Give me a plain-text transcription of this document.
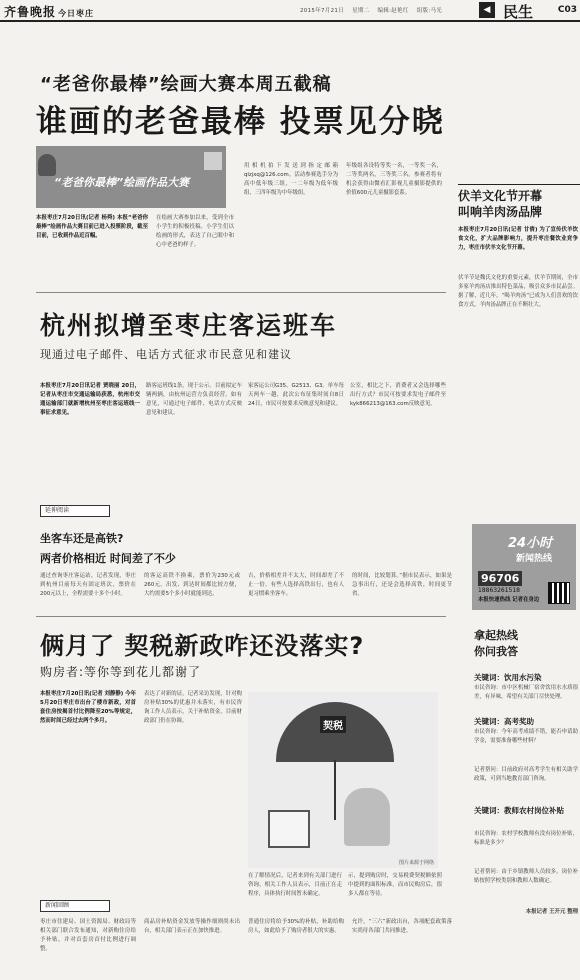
齐鲁晚报 今日枣庄	2015年7月21日 星期二 编辑:赵艳红 组版:马光	◀ 民生	C03
“老爸你最棒”绘画大赛本周五截稿
谁画的老爸最棒 投票见分晓
“老爸你最棒”绘画作品大赛
本报枣庄7月20日讯(记者 杨舜) 本报“老爸你最棒”绘画作品大赛目前已进入投票阶段，截至目前，已收到作品近百幅。
在绘画大赛参加以来，受到全市小学生的积极投稿。小学生们以绘画的形式，表达了自己眼中和心中老爸的样子。
用相机拍下发送到指定邮箱qlzjxq@126.com。活动参赛选手分为高中低年级三组，一二年级为低年级组，三四年级为中年级组。
年级组各设特等奖一名，一等奖一名，二等奖两名，三等奖三名。参赛者将有机会获得由微看汇影视儿童摄影提供的价值600元儿童摄影套系。	伏羊文化节开幕
叫响羊肉汤品牌
本报枣庄7月20日讯(记者 甘倩) 为了宣传伏羊饮食文化，扩大品牌影响力，提升枣庄餐饮业竞争力，枣庄市伏羊文化节开幕。
伏羊节是魏氏文化的重要元素，伏羊节期间，全市多家羊肉汤店推出特色菜品，吸引众多市民品尝。据了解，近几年，“喝羊肉汤”已成为人们喜欢的饮食方式，羊肉汤品牌正在不断壮大。
杭州拟增至枣庄客运班车
现通过电子邮件、电话方式征求市民意见和建议
本报枣庄7月20日讯记者 贾晓丽 20日，记者从枣庄市交通运输局获悉，杭州市交通运输部门就新增杭州至枣庄客运班线一事征求意见。
路客运班线1条，现于公示。目前拟定车辆两辆，由杭州运营方负责经营。如有意见，可通过电子邮件、电话方式反映意见和建议。
家客运公司G35、G2513、G3。单车每天两车一趟，此次公布征集时间自8日24日，市民可按要求反映意见和建议。
公室，相比之下，消费者又会选择哪些出行方式？市民可按要求发电子邮件至kyk866213@163.com反映意见。
延伸阅读
坐客车还是高铁?
两者价格相近 时间差了不少
通过查询枣庄客运站，记者发现，枣庄到杭州目前每天有固定班次，票价在200元以上，全程需要十多个小时。
的客运高铁不换乘，票价为230元或260元。出发、到达时间都比较方便，大约需要5个多小时就能到达。
吉，价格相差并不太大，时间却差了不止一倍。有些人选择高铁出行，也有人更习惯乘坐客车。
的时间，比较划算。”据市民表示，如果是急事出行，还是会选择高铁，时间更节省。
24小时
新闻热线
96706
18863261518
本报快速热线 记者在身边
俩月了 契税新政咋还没落实?
购房者:等你等到花儿都谢了
本报枣庄7月20日讯(记者 刘静静) 今年5月20日枣庄市出台了楼市新政，对首套住房按揭首付比例降至20%等规定，然而时间已经过去两个多月。
表达了对新的证，记者采访发现，针对购房补贴30%的优惠并未落实，有市民咨询工作人员表示，关于补贴资金，目前财政部门仍在协调。	契税
图片来源于网络
在了解情况后，记者来到有关部门进行咨询，相关工作人员表示，目前正在走程序，具体执行时间暂未确定。
示，提到购房时，交易税费契税额依照中提到的面积标准，而市民购房后，很多人都在等待。
拿起热线
你问我答
关键词：饮用水污染
市民咨询：市中区机械厂宿舍饮用水水质很差，有异味，希望有关部门尽快处理。
关键词：高考奖助
市民咨询：今年高考成绩不错，能否申请助学金，需要准备哪些材料？
记者帮问：目前政府对高考学生有相关助学政策，可到当地教育部门咨询。
关键词：教师农村岗位补贴
市民咨询：农村学校教师有没有岗位补贴，标准是多少？
记者帮问：由于乡镇教师人员较多，岗位补贴按照学校类别和教师人数确定。
本报记者 王开元 整理
新闻回顾
枣庄市住建局、国土资源局、财政局等相关部门联合发布通知，对新购住房给予补贴，并对首套房首付比例进行调整。
商品房补贴资金发放等操作细则尚未出台，相关部门表示正在加快推进。
普通住房将给予30%的补贴，补助给购房人，如此给予了购房者很大的实惠。
允许，“三六”新政出台，各项配套政策落实尚待各部门共同推进。
